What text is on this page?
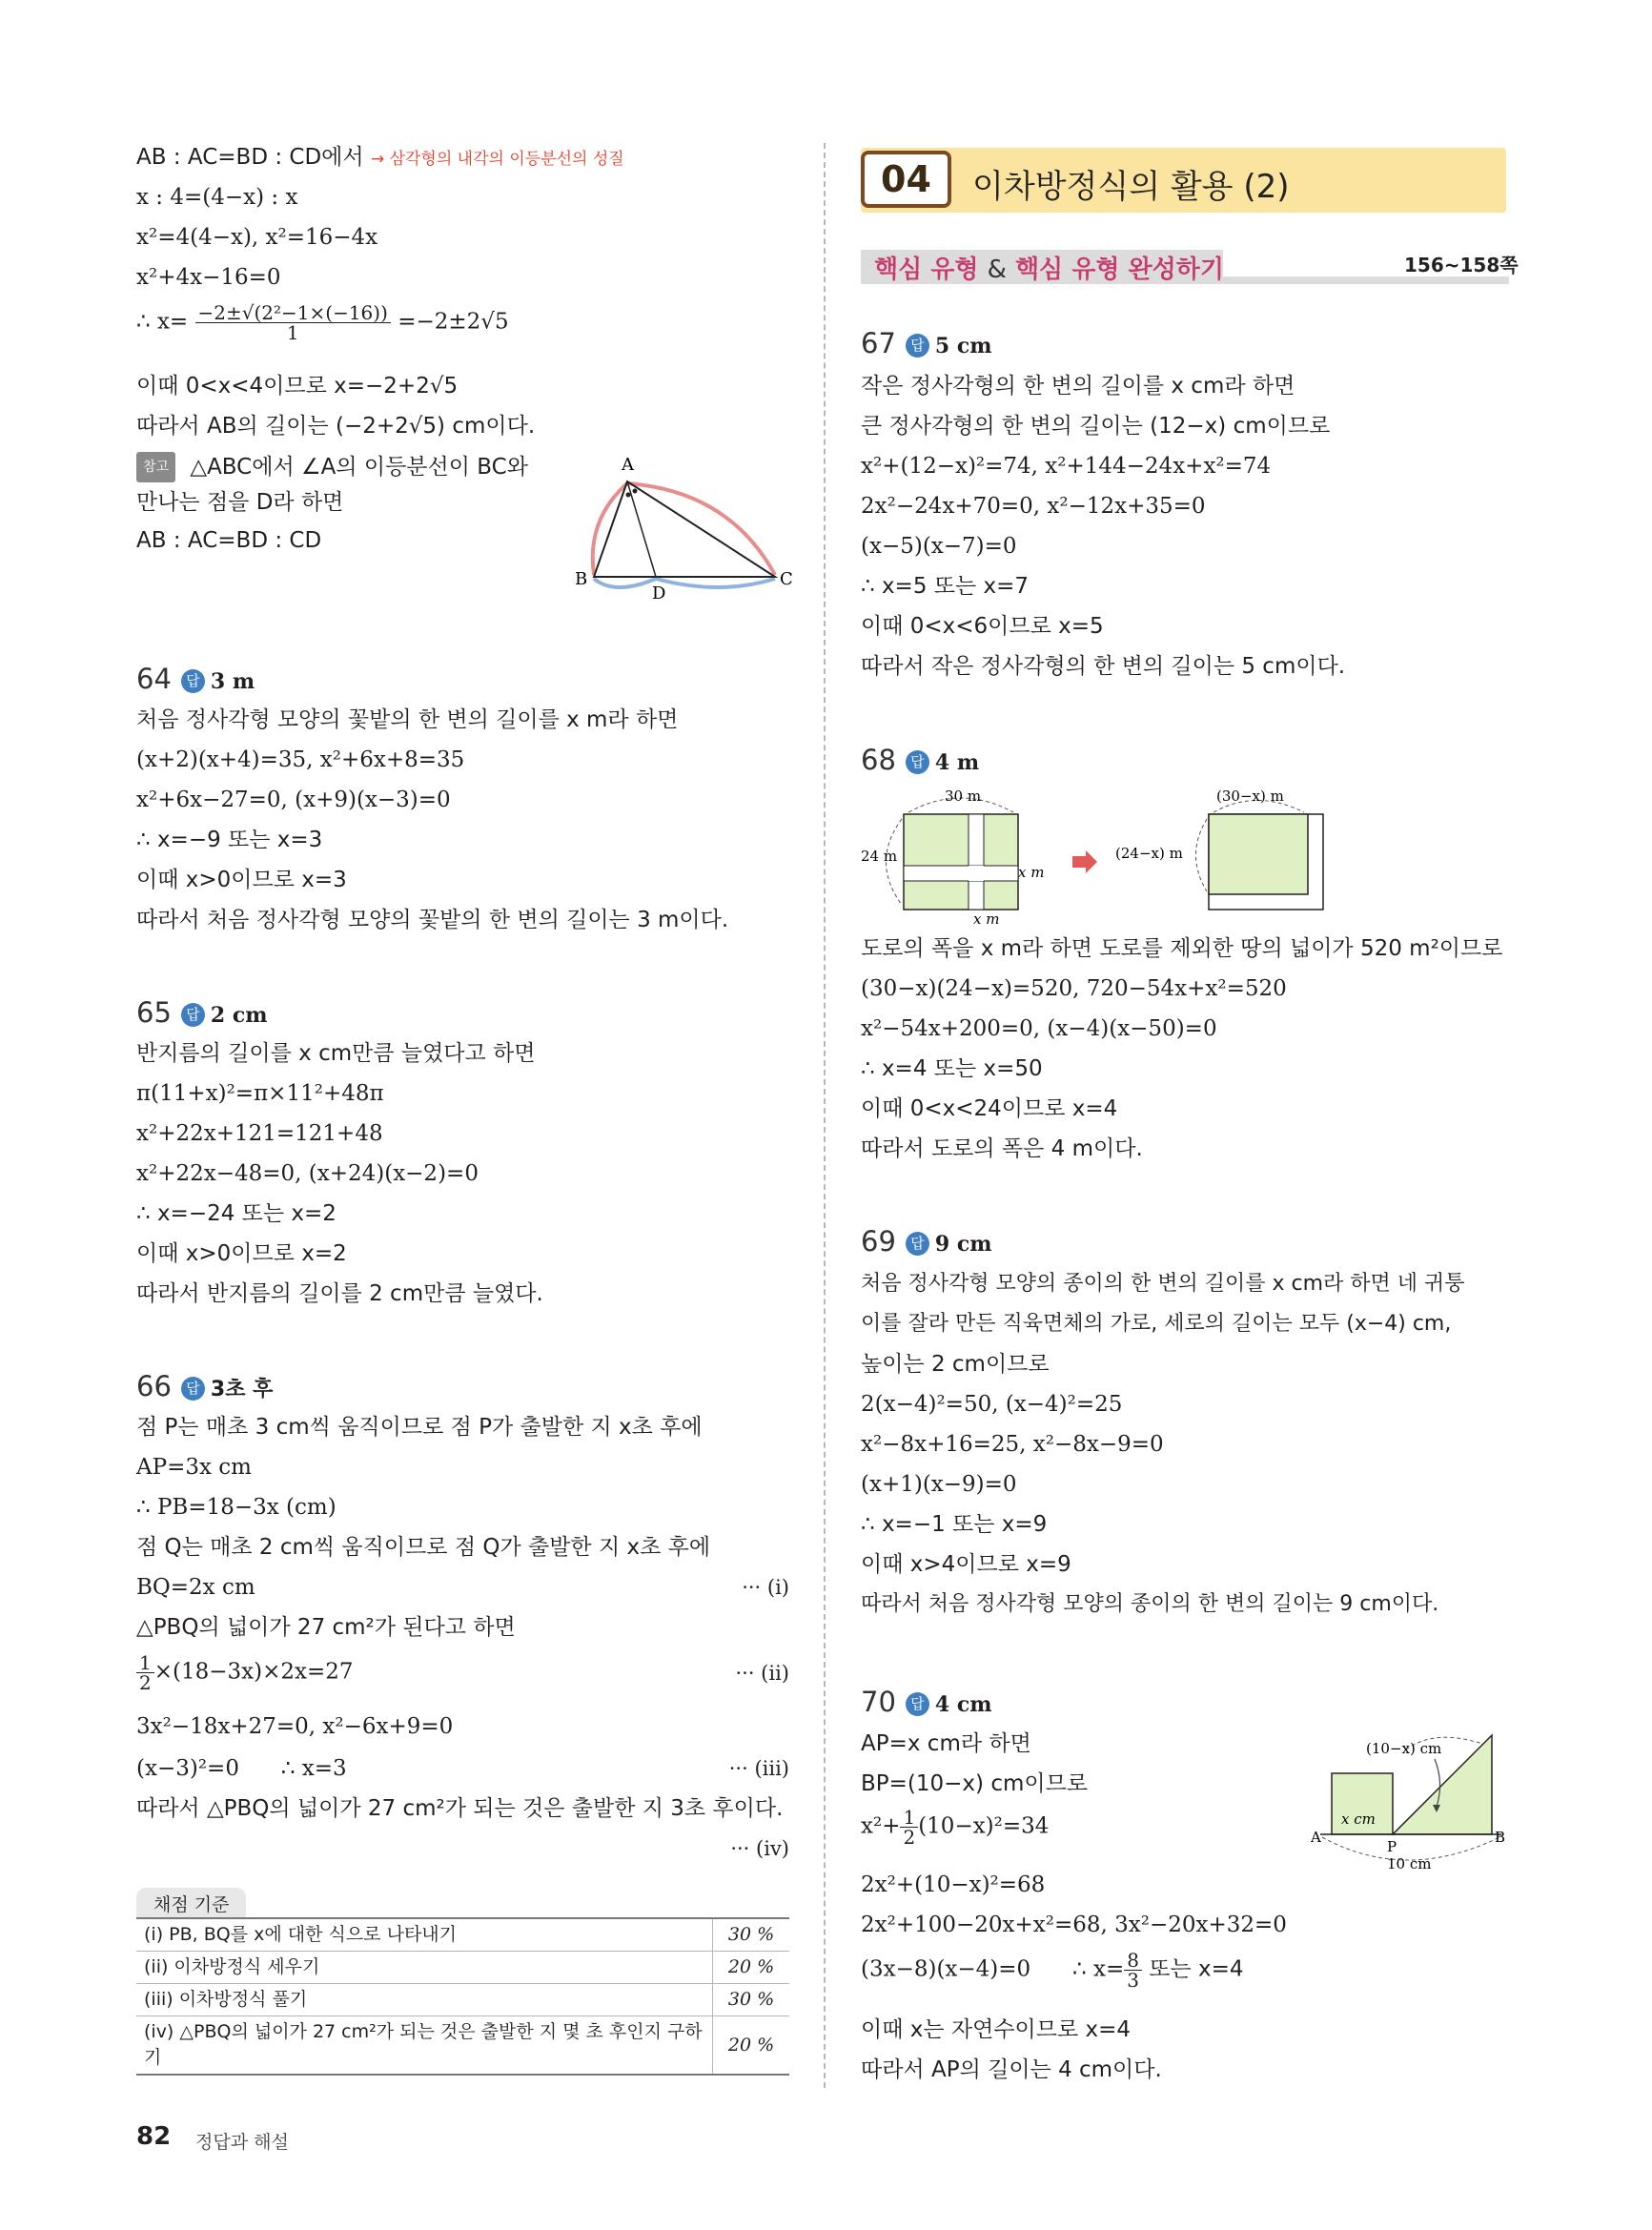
AB : AC=BD : CD에서 → 삼각형의 내각의 이등분선의 성질
x : 4=(4−x) : x
x²=4(4−x), x²=16−4x
x²+4x−16=0
∴ $x= \frac{\text{−2±√(2²−1×(−16))}}{1} =-2\pm 2√5$
이때 0<x<4이므로 x=−2+2√5
따라서 AB의 길이는 (−2+2√5) cm이다.
참고 △ABC에서 ∠A의 이등분선이 BC와
만나는 점을 D라 하면
AB : AC=BD : CD
A
B	C
D
64 답 3 m
처음 정사각형 모양의 꽃밭의 한 변의 길이를 x m라 하면
(x+2)(x+4)=35, x²+6x+8=35
x²+6x−27=0, (x+9)(x−3)=0
∴ x=−9 또는 x=3
이때 x>0이므로 x=3
따라서 처음 정사각형 모양의 꽃밭의 한 변의 길이는 3 m이다.
65 답 2 cm
반지름의 길이를 x cm만큼 늘였다고 하면
π(11+x)²=π×11²+48π
x²+22x+121=121+48
x²+22x−48=0, (x+24)(x−2)=0
∴ x=−24 또는 x=2
이때 x>0이므로 x=2
따라서 반지름의 길이를 2 cm만큼 늘였다.
66 답 3초 후
점 P는 매초 3 cm씩 움직이므로 점 P가 출발한 지 x초 후에
AP=3x cm
∴ PB=18−3x (cm)
점 Q는 매초 2 cm씩 움직이므로 점 Q가 출발한 지 x초 후에
BQ=2x cm	··· (i)
△PBQ의 넓이가 27 cm²가 된다고 하면
$\frac{1}{2} \times(18-3x)\times 2x=27$	··· (ii)
3x²−18x+27=0, x²−6x+9=0
(x−3)²=0      ∴ x=3	··· (iii)
따라서 △PBQ의 넓이가 27 cm²가 되는 것은 출발한 지 3초 후이다.
··· (iv)
채점 기준
(i) PB, BQ를 x에 대한 식으로 나타내기	30 %
(ii) 이차방정식 세우기	20 %
(iii) 이차방정식 풀기	30 %
(iv) △PBQ의 넓이가 27 cm²가 되는 것은 출발한 지 몇 초 후인지 구하기	20 %
82 정답과 해설
04	이차방정식의 활용 (2)
핵심 유형 & 핵심 유형 완성하기	156~158쪽
67 답 5 cm
작은 정사각형의 한 변의 길이를 x cm라 하면
큰 정사각형의 한 변의 길이는 (12−x) cm이므로
x²+(12−x)²=74, x²+144−24x+x²=74
2x²−24x+70=0, x²−12x+35=0
(x−5)(x−7)=0
∴ x=5 또는 x=7
이때 0<x<6이므로 x=5
따라서 작은 정사각형의 한 변의 길이는 5 cm이다.
68 답 4 m
30 m
24 m
x m
x m
(30−x) m
(24−x) m
도로의 폭을 x m라 하면 도로를 제외한 땅의 넓이가 520 m²이므로
(30−x)(24−x)=520, 720−54x+x²=520
x²−54x+200=0, (x−4)(x−50)=0
∴ x=4 또는 x=50
이때 0<x<24이므로 x=4
따라서 도로의 폭은 4 m이다.
69 답 9 cm
처음 정사각형 모양의 종이의 한 변의 길이를 x cm라 하면 네 귀퉁
이를 잘라 만든 직육면체의 가로, 세로의 길이는 모두 (x−4) cm,
높이는 2 cm이므로
2(x−4)²=50, (x−4)²=25
x²−8x+16=25, x²−8x−9=0
(x+1)(x−9)=0
∴ x=−1 또는 x=9
이때 x>4이므로 x=9
따라서 처음 정사각형 모양의 종이의 한 변의 길이는 9 cm이다.
70 답 4 cm
AP=x cm라 하면
BP=(10−x) cm이므로
$x^2+ \frac{1}{2} (10-x)^2=34$
2x²+(10−x)²=68
2x²+100−20x+x²=68, 3x²−20x+32=0
(3x−8)(x−4)=0      ∴ $x= \frac{8}{3}$ 또는 x=4
이때 x는 자연수이므로 x=4
따라서 AP의 길이는 4 cm이다.
(10−x) cm
x cm
A
P
B
10 cm
